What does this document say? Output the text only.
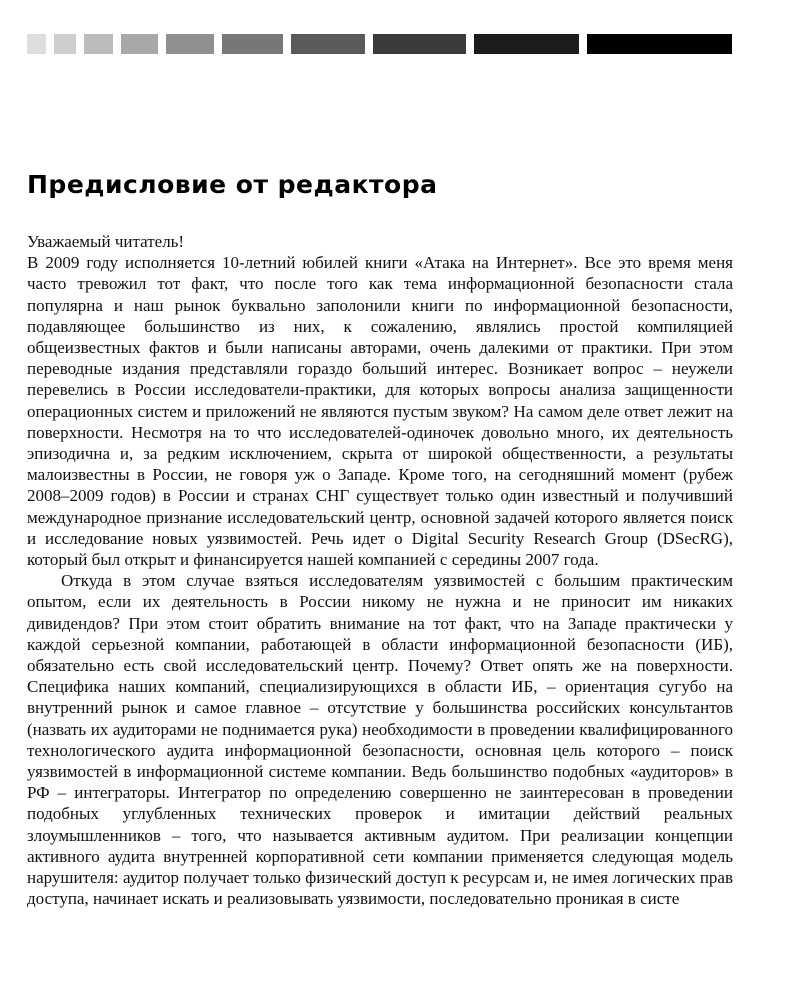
Предисловие от редактора

Уважаемый читатель!

В 2009 году исполняется 10-летний юбилей книги «Атака на Интернет». Все это время меня часто тревожил тот факт, что после того как тема информационной безопасности стала популярна и наш рынок буквально заполонили книги по информационной безопасности, подавляющее большинство из них, к сожалению, являлись простой компиляцией общеизвестных фактов и были написаны авторами, очень далекими от практики. При этом переводные издания представляли гораздо больший интерес. Возникает вопрос – неужели перевелись в России исследователи-практики, для которых вопросы анализа защищенности операционных систем и приложений не являются пустым звуком? На самом деле ответ лежит на поверхности. Несмотря на то что исследователей-одиночек довольно много, их деятельность эпизодична и, за редким исключением, скрыта от широкой общественности, а результаты малоизвестны в России, не говоря уж о Западе. Кроме того, на сегодняшний момент (рубеж 2008–2009 годов) в России и странах СНГ существует только один известный и получивший международное признание исследовательский центр, основной задачей которого является поиск и исследование новых уязвимостей. Речь идет о Digital Security Research Group (DSecRG), который был открыт и финансируется нашей компанией с середины 2007 года.

Откуда в этом случае взяться исследователям уязвимостей с большим практическим опытом, если их деятельность в России никому не нужна и не приносит им никаких дивидендов? При этом стоит обратить внимание на тот факт, что на Западе практически у каждой серьезной компании, работающей в области информационной безопасности (ИБ), обязательно есть свой исследовательский центр. Почему? Ответ опять же на поверхности. Специфика наших компаний, специализирующихся в области ИБ, – ориентация сугубо на внутренний рынок и самое главное – отсутствие у большинства российских консультантов (назвать их аудиторами не поднимается рука) необходимости в проведении квалифицированного технологического аудита информационной безопасности, основная цель которого – поиск уязвимостей в информационной системе компании. Ведь большинство подобных «аудиторов» в РФ – интеграторы. Интегратор по определению совершенно не заинтересован в проведении подобных углубленных технических проверок и имитации действий реальных злоумышленников – того, что называется активным аудитом. При реализации концепции активного аудита внутренней корпоративной сети компании применяется следующая модель нарушителя: аудитор получает только физический доступ к ресурсам и, не имея логических прав доступа, начинает искать и реализовывать уязвимости, последовательно проникая в систе
